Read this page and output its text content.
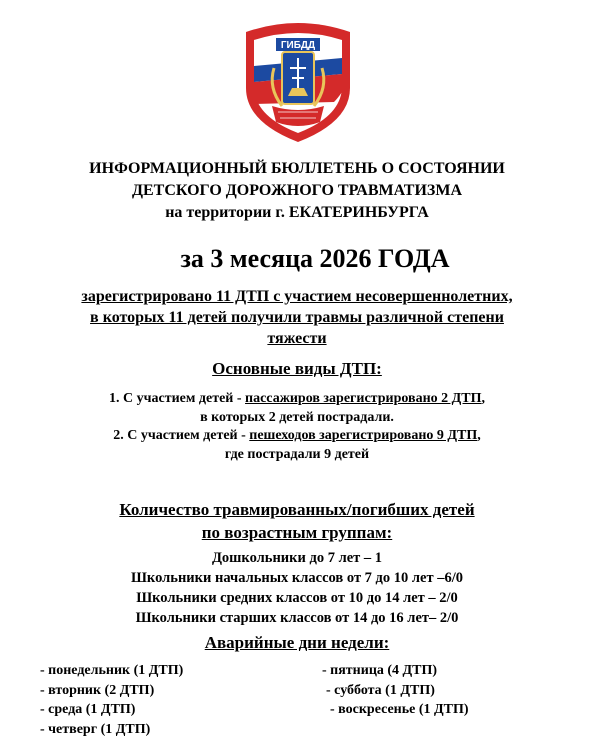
ГИБДД
ИНФОРМАЦИОННЫЙ БЮЛЛЕТЕНЬ О СОСТОЯНИИ
ДЕТСКОГО ДОРОЖНОГО ТРАВМАТИЗМА
на территории г. ЕКАТЕРИНБУРГА
за 3 месяца 2026 ГОДА
зарегистрировано 11 ДТП с участием несовершеннолетних,
в которых 11 детей получили травмы различной степени
тяжести
Основные виды ДТП:
1. С участием детей - пассажиров зарегистрировано 2 ДТП,
в которых 2 детей пострадали.
2. С участием детей - пешеходов зарегистрировано 9 ДТП,
где пострадали 9 детей
Количество травмированных/погибших детей
по возрастным группам:
Дошкольники до 7 лет – 1
Школьники начальных классов от 7 до 10 лет –6/0
Школьники средних классов от 10 до 14 лет – 2/0
Школьники старших классов от 14 до 16 лет– 2/0
Аварийные дни недели:
- понедельник (1 ДТП)
- вторник (2 ДТП)
- среда (1 ДТП)
- четверг (1 ДТП)
- пятница (4 ДТП)
- суббота (1 ДТП)
- воскресенье (1 ДТП)
